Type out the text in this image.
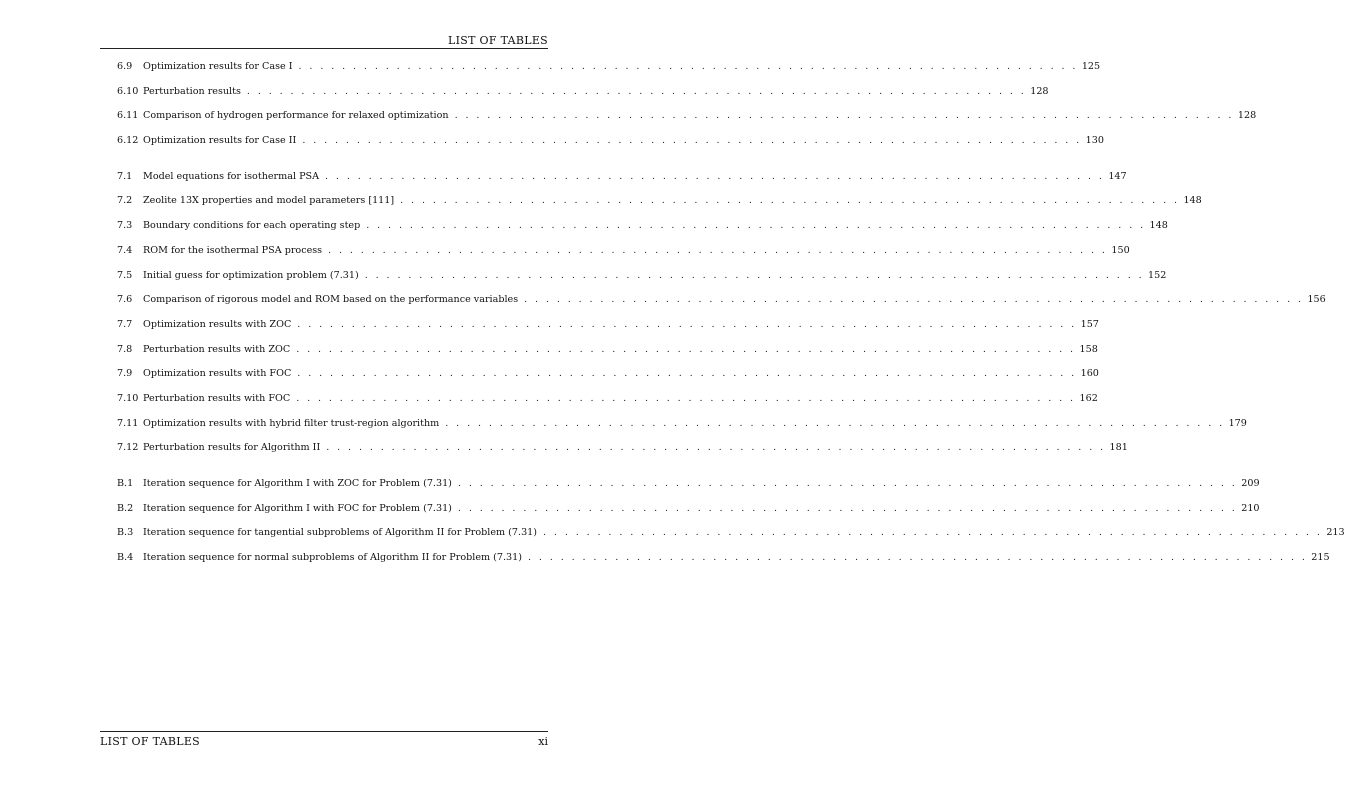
LIST OF TABLES
6.9	Optimization results for Case I . . .	125
6.10 Perturbation results . . .	128
6.11 Comparison of hydrogen performance for relaxed optimization . . .	128
6.12 Optimization results for Case II . . .	130
7.1	Model equations for isothermal PSA . . .	147
7.2	Zeolite 13X properties and model parameters [111] . . .	148
7.3	Boundary conditions for each operating step . . .	148
7.4	ROM for the isothermal PSA process . . .	150
7.5	Initial guess for optimization problem (7.31) . . .	152
7.6	Comparison of rigorous model and ROM based on the performance variables . . .	156
7.7	Optimization results with ZOC . . .	157
7.8	Perturbation results with ZOC . . .	158
7.9	Optimization results with FOC . . .	160
7.10 Perturbation results with FOC . . .	162
7.11 Optimization results with hybrid filter trust-region algorithm . . .	179
7.12 Perturbation results for Algorithm II . . .	181
B.1	Iteration sequence for Algorithm I with ZOC for Problem (7.31) . . .	209
B.2	Iteration sequence for Algorithm I with FOC for Problem (7.31) . . .	210
B.3	Iteration sequence for tangential subproblems of Algorithm II for Problem (7.31) . . .	213
B.4	Iteration sequence for normal subproblems of Algorithm II for Problem (7.31) . . .	215
LIST OF TABLES	xi
